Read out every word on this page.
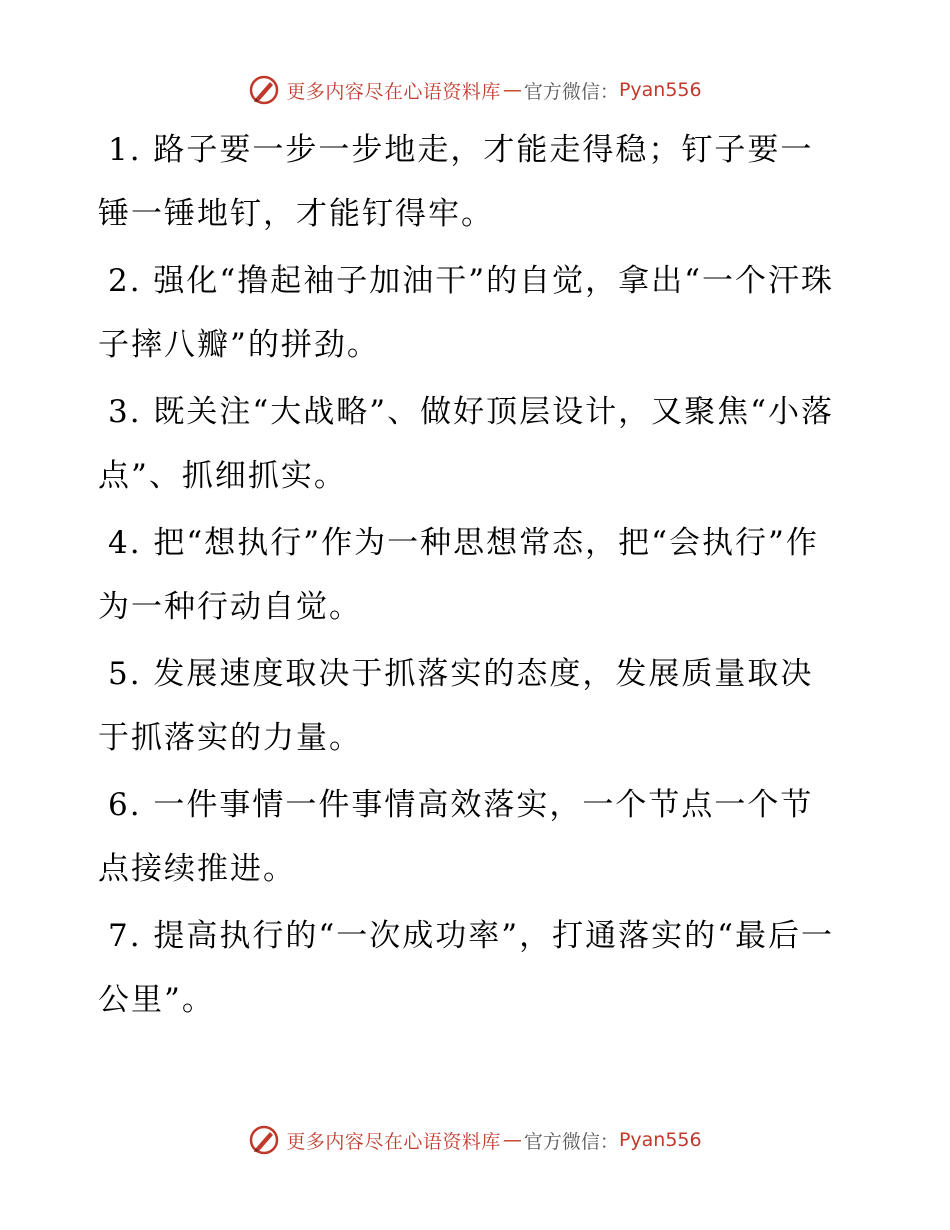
更多内容尽在心语资料库 — 官方微信： Pyan556

1. 路子要一步一步地走，才能走得稳；钉子要一锤一锤地钉，才能钉得牢。

2. 强化“撸起袖子加油干”的自觉，拿出“一个汗珠子摔八瓣”的拼劲。

3. 既关注“大战略”、做好顶层设计，又聚焦“小落点”、抓细抓实。

4. 把“想执行”作为一种思想常态，把“会执行”作为一种行动自觉。

5. 发展速度取决于抓落实的态度，发展质量取决于抓落实的力量。

6. 一件事情一件事情高效落实，一个节点一个节点接续推进。

7. 提高执行的“一次成功率”，打通落实的“最后一公里”。

更多内容尽在心语资料库 — 官方微信： Pyan556
